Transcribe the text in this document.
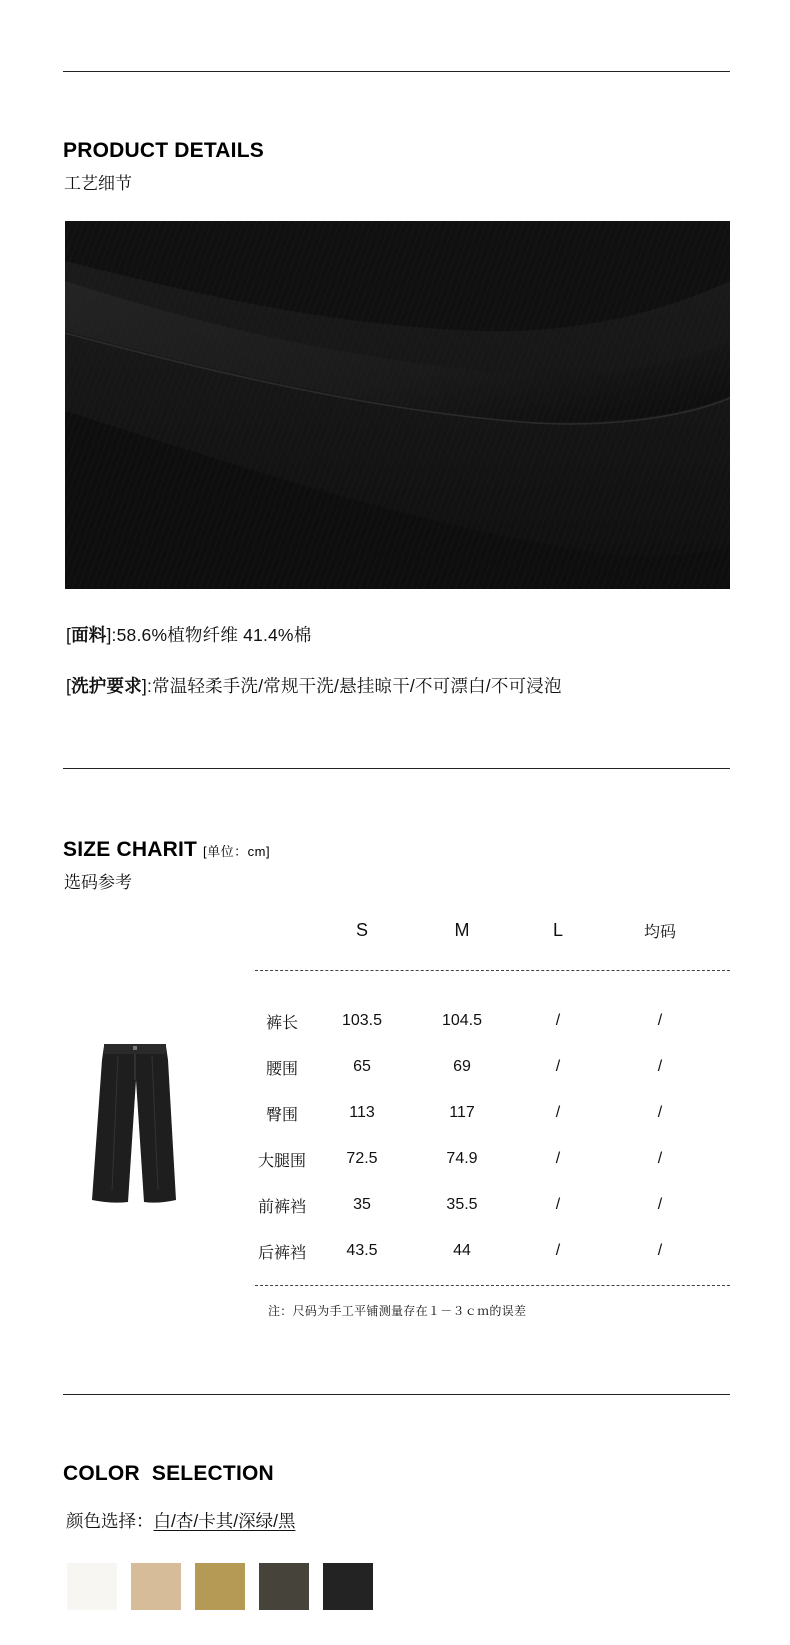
PRODUCT DETAILS
工艺细节
[面料]:58.6%植物纤维 41.4%棉
[洗护要求]:常温轻柔手洗/常规干洗/悬挂晾干/不可漂白/不可浸泡
SIZE CHARIT [单位：cm]
选码参考
	S	M	L	均码

裤长	103.5	104.5	/	/
腰围	65	69	/	/
臀围	113	117	/	/
大腿围	72.5	74.9	/	/
前裤裆	35	35.5	/	/
后裤裆	43.5	44	/	/
注：尺码为手工平铺测量存在１－３ｃｍ的误差
COLOR  SELECTION
颜色选择：白/杏/卡其/深绿/黑
